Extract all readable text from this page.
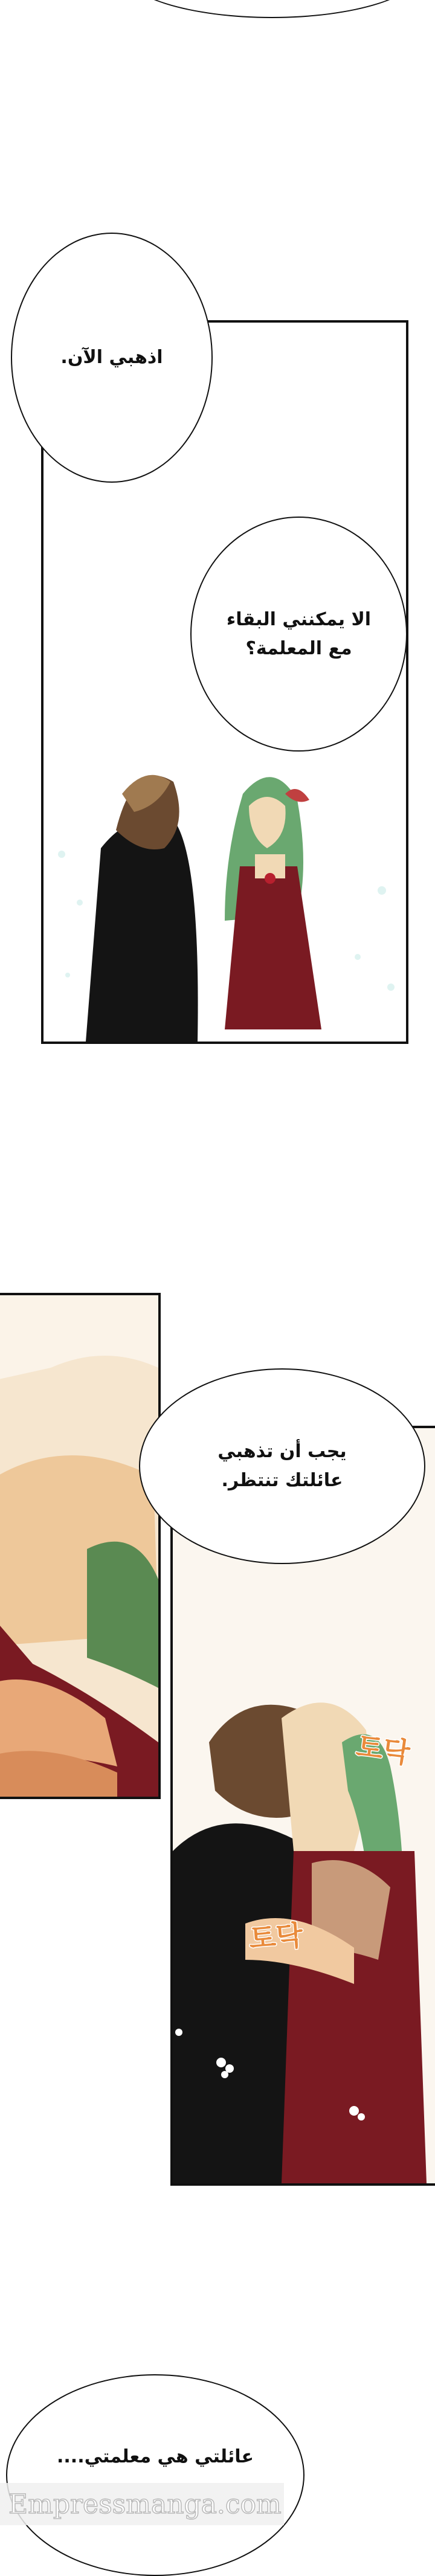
اذهبي الآن.
الا يمكنني البقاء مع المعلمة؟
يجب أن تذهبي عائلتك تنتظر.
토닥
토닥
عائلتي هي معلمتي....
Empressmanga.com
